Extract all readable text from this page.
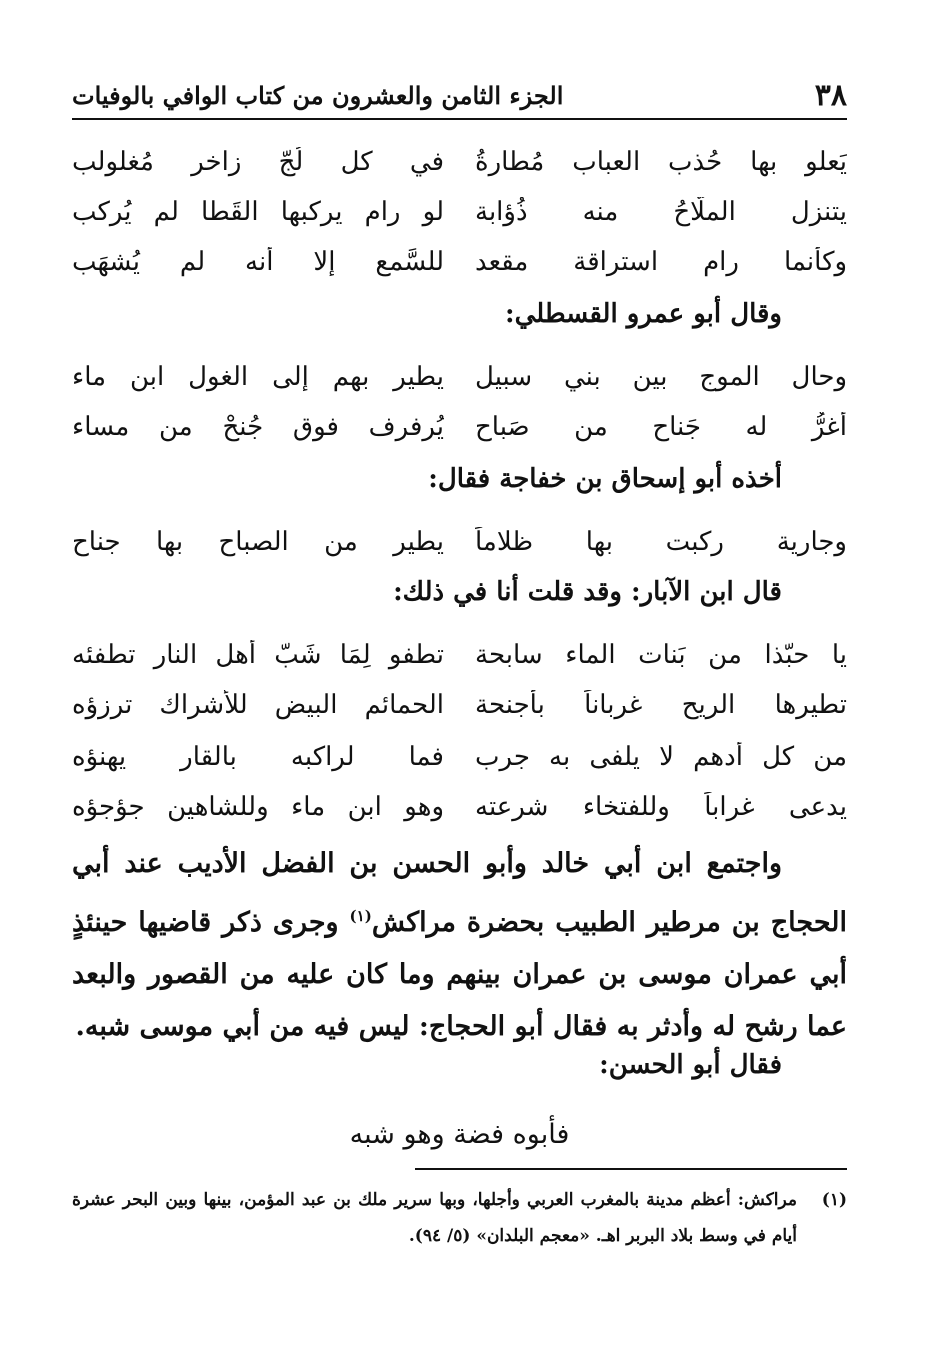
٣٨
الجزء الثامن والعشرون من كتاب الوافي بالوفيات
يَعلو بها حُذب العباب مُطارةُ
في كل لُجّ زاخر مُغلولب
يتنزل الملّاحُ منه ذُؤابة
لو رام يركبها القَطا لم يُركب
وكأنما رام استراقة مقعد
للسَّمع إلا أنه لم يُشهَب
وقال أبو عمرو القسطلي:
وحال الموج بين بني سبيل
يطير بهم إلى الغول ابن ماء
أغرُّ له جَناح من صَباح
يُرفرف فوق جُنحْ من مساء
أخذه أبو إسحاق بن خفاجة فقال:
وجارية ركبت بها ظلاماً
يطير من الصباح بها جناح
قال ابن الآبار: وقد قلت أنا في ذلك:
يا حبّذا من بَنات الماء سابحة
تطفو لِمَا شَبّ أهل النار تطفئه
تطيرها الريح غرباناً بأجنحة
الحمائم البيض للأشراك ترزؤه
من كل أدهم لا يلفى به جرب
فما لراكبه بالقار يهنؤه
يدعى غراباً وللفتخاء شرعته
وهو ابن ماء وللشاهين جؤجؤه
واجتمع ابن أبي خالد وأبو الحسن بن الفضل الأديب عند أبي الحجاج بن مرطير الطبيب بحضرة مراكش$^{(١)}$ وجرى ذكر قاضيها حينئذٍ أبي عمران موسى بن عمران بينهم وما كان عليه من القصور والبعد عما رشح له وأدثر به فقال أبو الحجاج: ليس فيه من أبي موسى شبه.
فقال أبو الحسن:
فأبوه فضة وهو شبه
(١)
مراكش: أعظم مدينة بالمغرب العربي وأجلها، وبها سرير ملك بن عبد المؤمن، بينها وبين البحر عشرة أيام في وسط بلاد البربر اهـ. «معجم البلدان» (٥/ ٩٤).
